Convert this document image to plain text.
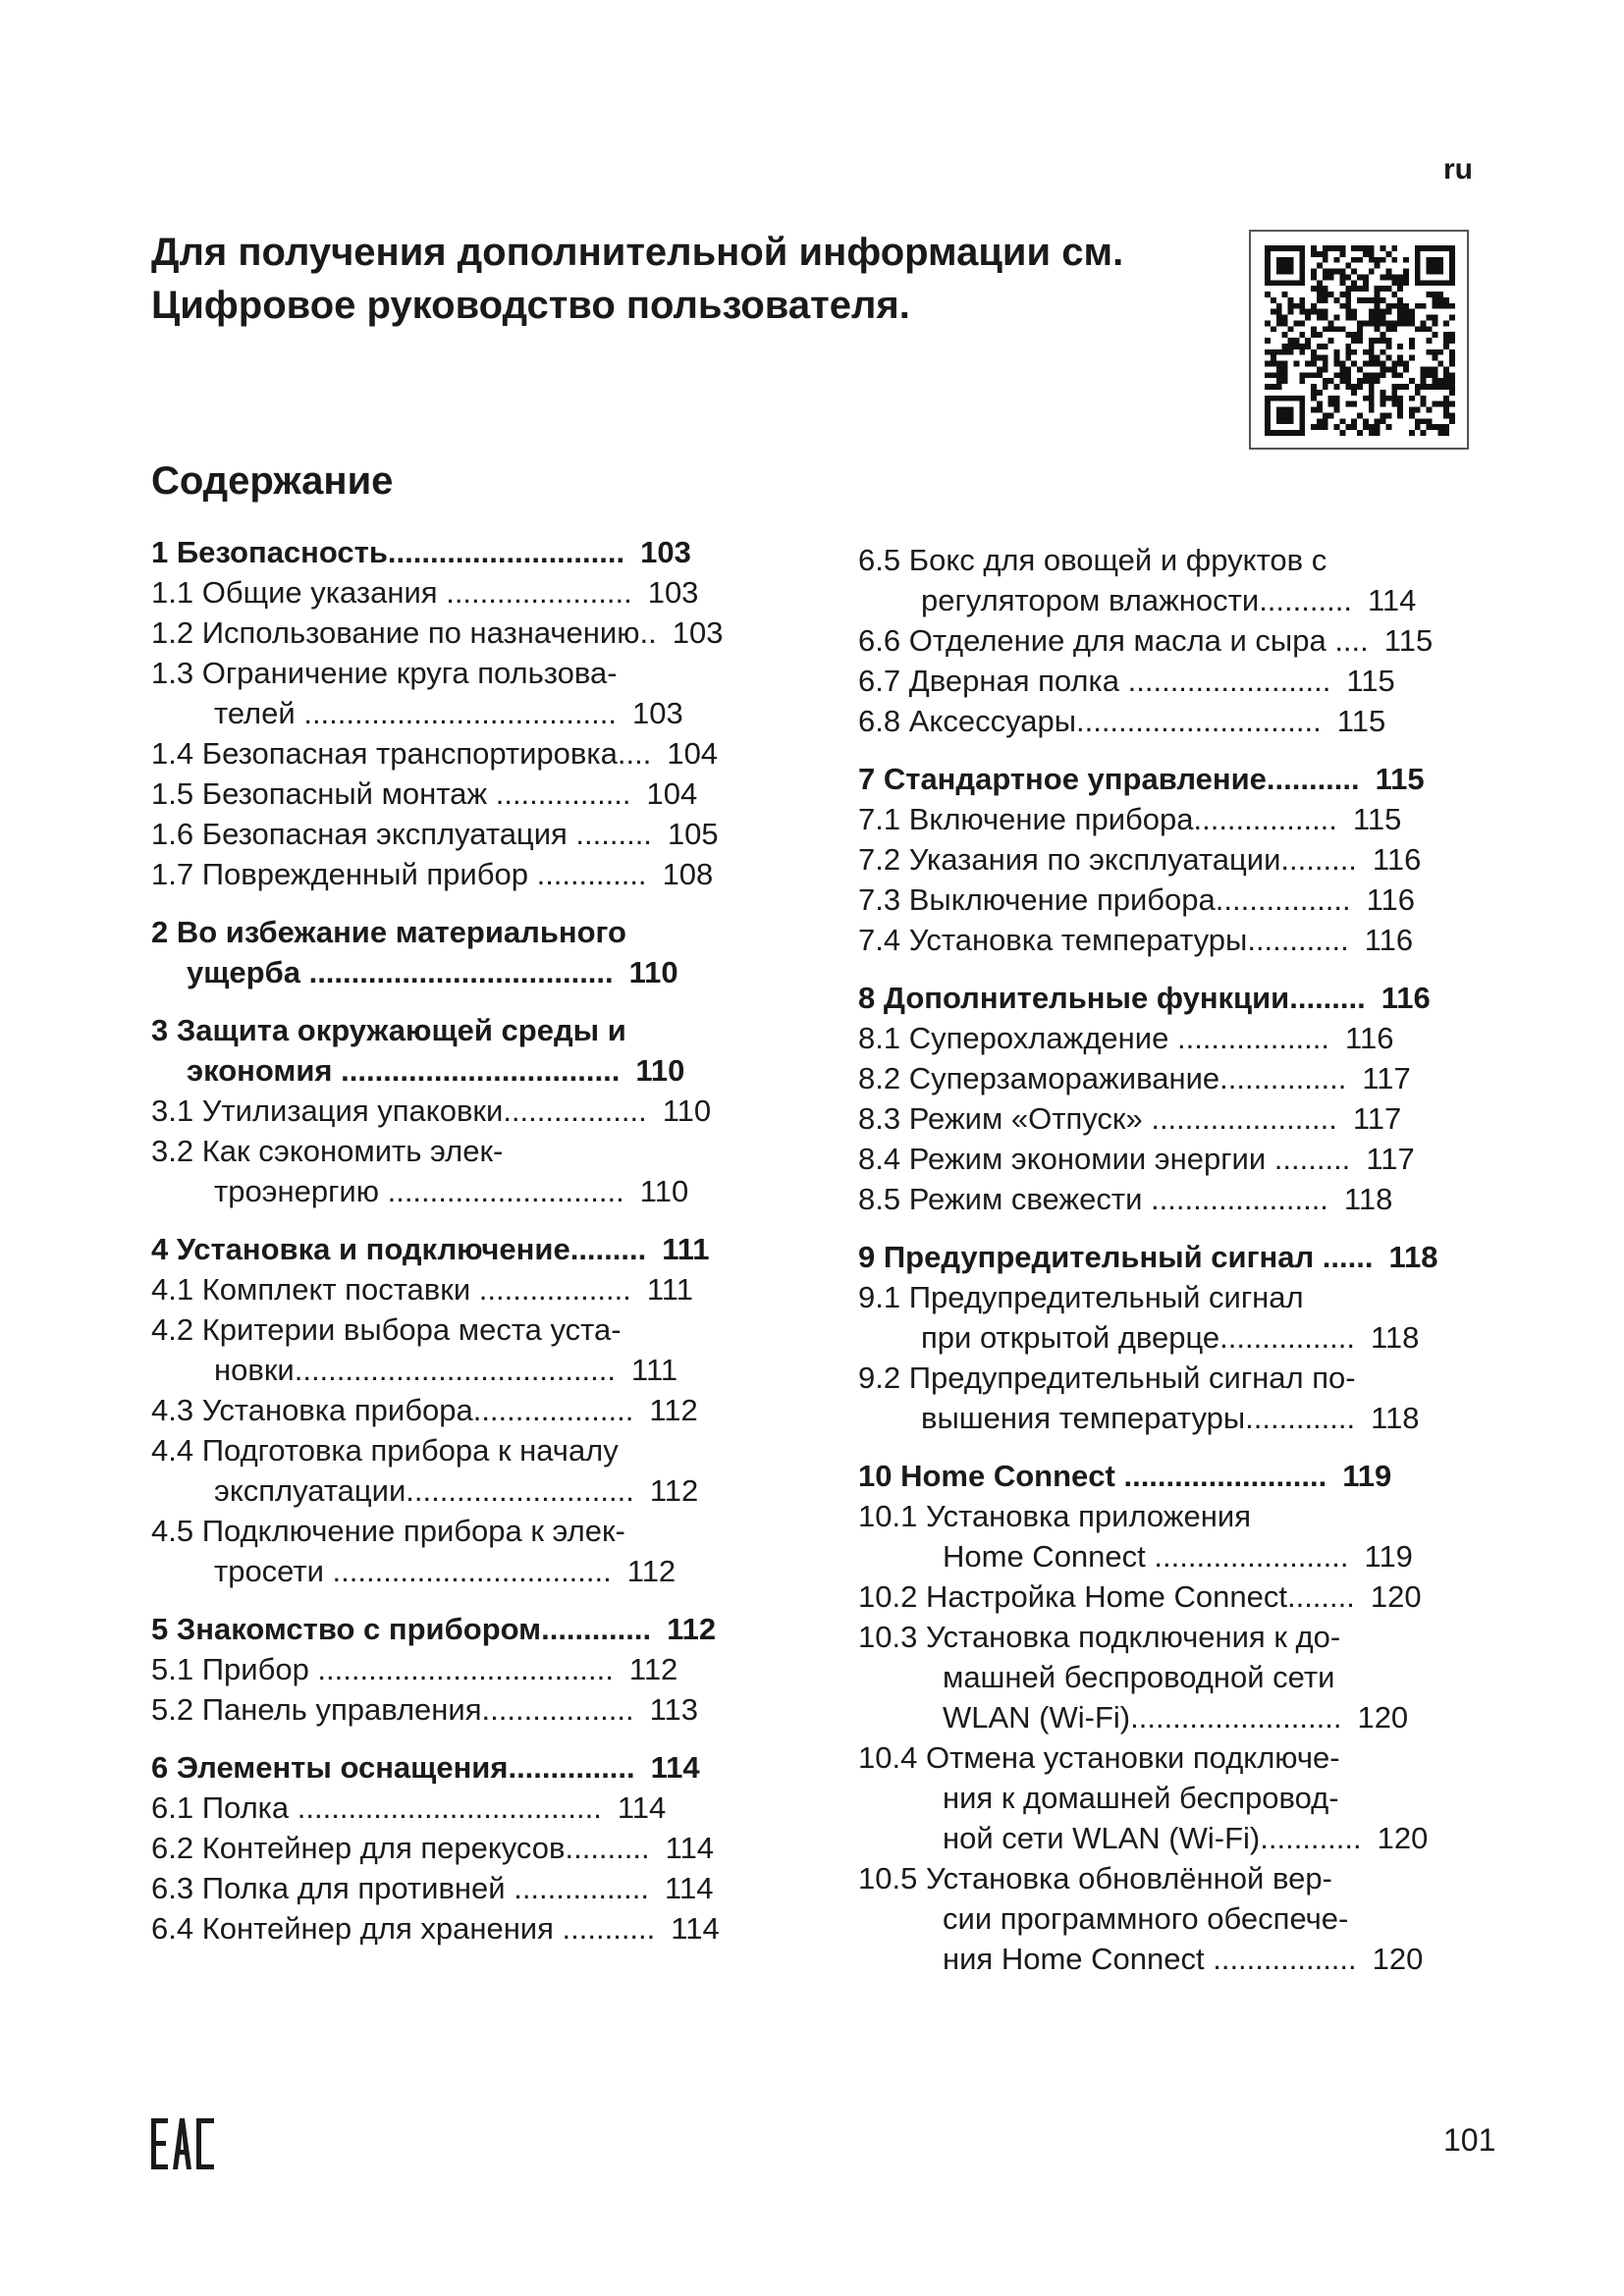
ru
Для получения дополнительной информации см.
Цифровое руководство пользователя.
Содержание
1 Безопасность............................ 103
1.1 Общие указания ...................... 103
1.2 Использование по назначению.. 103
1.3 Ограничение круга пользова-
телей ..................................... 103
1.4 Безопасная транспортировка.... 104
1.5 Безопасный монтаж ................ 104
1.6 Безопасная эксплуатация ......... 105
1.7 Поврежденный прибор ............. 108
2 Во избежание материального
ущерба .................................... 110
3 Защита окружающей среды и
экономия ................................. 110
3.1 Утилизация упаковки................. 110
3.2 Как сэкономить элек-
троэнергию ............................ 110
4 Установка и подключение......... 111
4.1 Комплект поставки .................. 111
4.2 Критерии выбора места уста-
новки...................................... 111
4.3 Установка прибора................... 112
4.4 Подготовка прибора к началу
эксплуатации........................... 112
4.5 Подключение прибора к элек-
тросети ................................. 112
5 Знакомство с прибором............. 112
5.1 Прибор ................................... 112
5.2 Панель управления.................. 113
6 Элементы оснащения............... 114
6.1 Полка .................................... 114
6.2 Контейнер для перекусов.......... 114
6.3 Полка для противней ................ 114
6.4 Контейнер для хранения ........... 114
6.5 Бокс для овощей и фруктов с
регулятором влажности........... 114
6.6 Отделение для масла и сыра .... 115
6.7 Дверная полка ........................ 115
6.8 Аксессуары............................. 115
7 Стандартное управление........... 115
7.1 Включение прибора................. 115
7.2 Указания по эксплуатации......... 116
7.3 Выключение прибора................ 116
7.4 Установка температуры............ 116
8 Дополнительные функции......... 116
8.1 Суперохлаждение .................. 116
8.2 Суперзамораживание............... 117
8.3 Режим «Отпуск» ...................... 117
8.4 Режим экономии энергии ......... 117
8.5 Режим свежести ..................... 118
9 Предупредительный сигнал ...... 118
9.1 Предупредительный сигнал
при открытой дверце................ 118
9.2 Предупредительный сигнал по-
вышения температуры............. 118
10 Home Connect ........................ 119
10.1 Установка приложения
Home Connect ....................... 119
10.2 Настройка Home Connect........ 120
10.3 Установка подключения к до-
машней беспроводной сети
WLAN (Wi-Fi)......................... 120
10.4 Отмена установки подключе-
ния к домашней беспровод-
ной сети WLAN (Wi-Fi)............ 120
10.5 Установка обновлённой вер-
сии программного обеспече-
ния Home Connect ................. 120
101
